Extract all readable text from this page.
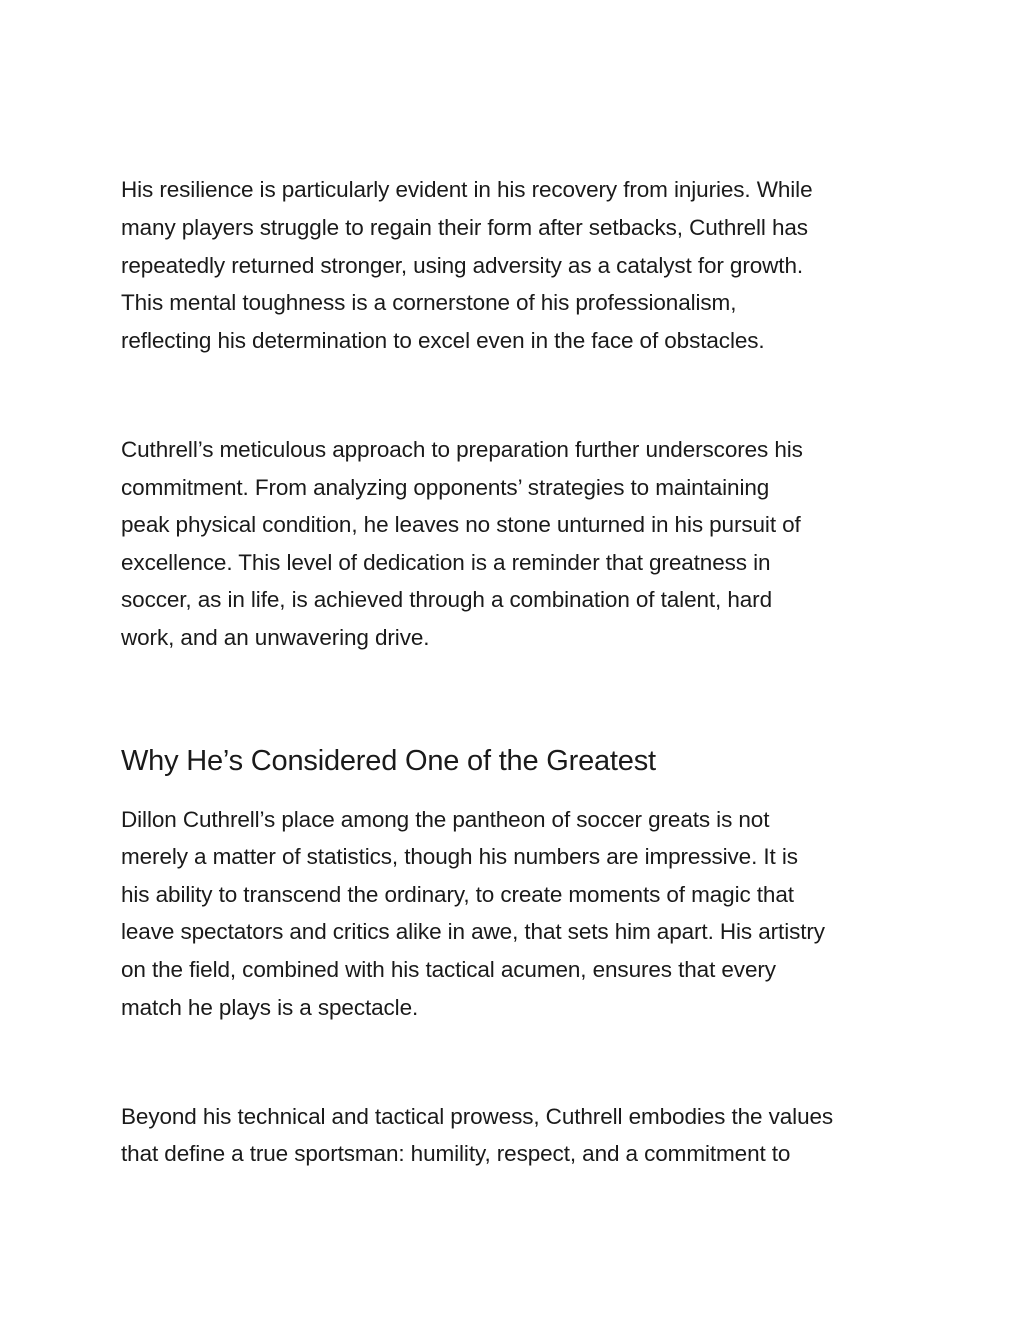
His resilience is particularly evident in his recovery from injuries. While

many players struggle to regain their form after setbacks, Cuthrell has

repeatedly returned stronger, using adversity as a catalyst for growth.

This mental toughness is a cornerstone of his professionalism,

reflecting his determination to excel even in the face of obstacles.

Cuthrell’s meticulous approach to preparation further underscores his

commitment. From analyzing opponents’ strategies to maintaining

peak physical condition, he leaves no stone unturned in his pursuit of

excellence. This level of dedication is a reminder that greatness in

soccer, as in life, is achieved through a combination of talent, hard

work, and an unwavering drive.

Why He’s Considered One of the Greatest

Dillon Cuthrell’s place among the pantheon of soccer greats is not

merely a matter of statistics, though his numbers are impressive. It is

his ability to transcend the ordinary, to create moments of magic that

leave spectators and critics alike in awe, that sets him apart. His artistry

on the field, combined with his tactical acumen, ensures that every

match he plays is a spectacle.

Beyond his technical and tactical prowess, Cuthrell embodies the values

that define a true sportsman: humility, respect, and a commitment to
